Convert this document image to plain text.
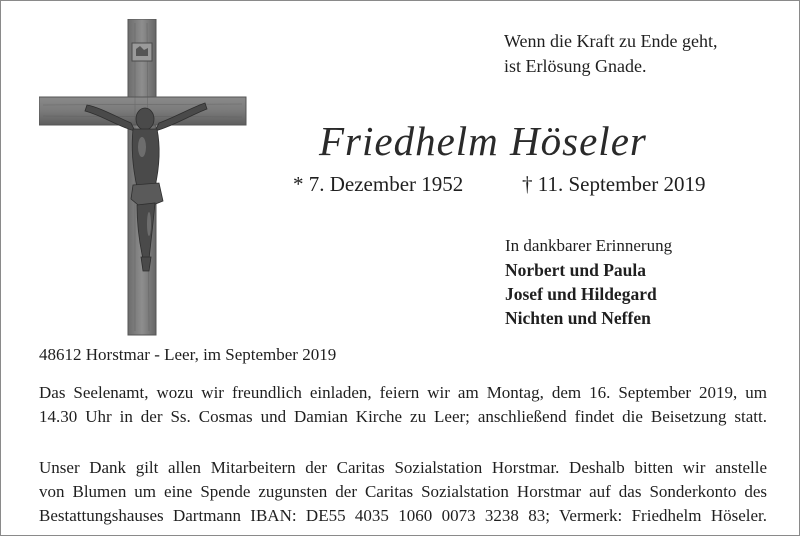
Wenn die Kraft zu Ende geht,
ist Erlösung Gnade.
Friedhelm Höseler
* 7. Dezember 1952	† 11. September 2019
In dankbarer Erinnerung
Norbert und Paula
Josef und Hildegard
Nichten und Neffen
48612 Horstmar - Leer, im September 2019
Das Seelenamt, wozu wir freundlich einladen, feiern wir am Montag, dem 16. September 2019, um
14.30 Uhr in der Ss. Cosmas und Damian Kirche zu Leer; anschließend findet die Beisetzung statt.
Unser Dank gilt allen Mitarbeitern der Caritas Sozialstation Horstmar. Deshalb bitten wir anstelle
von Blumen um eine Spende zugunsten der Caritas Sozialstation Horstmar auf das Sonderkonto des
Bestattungshauses Dartmann IBAN: DE55 4035 1060 0073 3238 83; Vermerk: Friedhelm Höseler.
